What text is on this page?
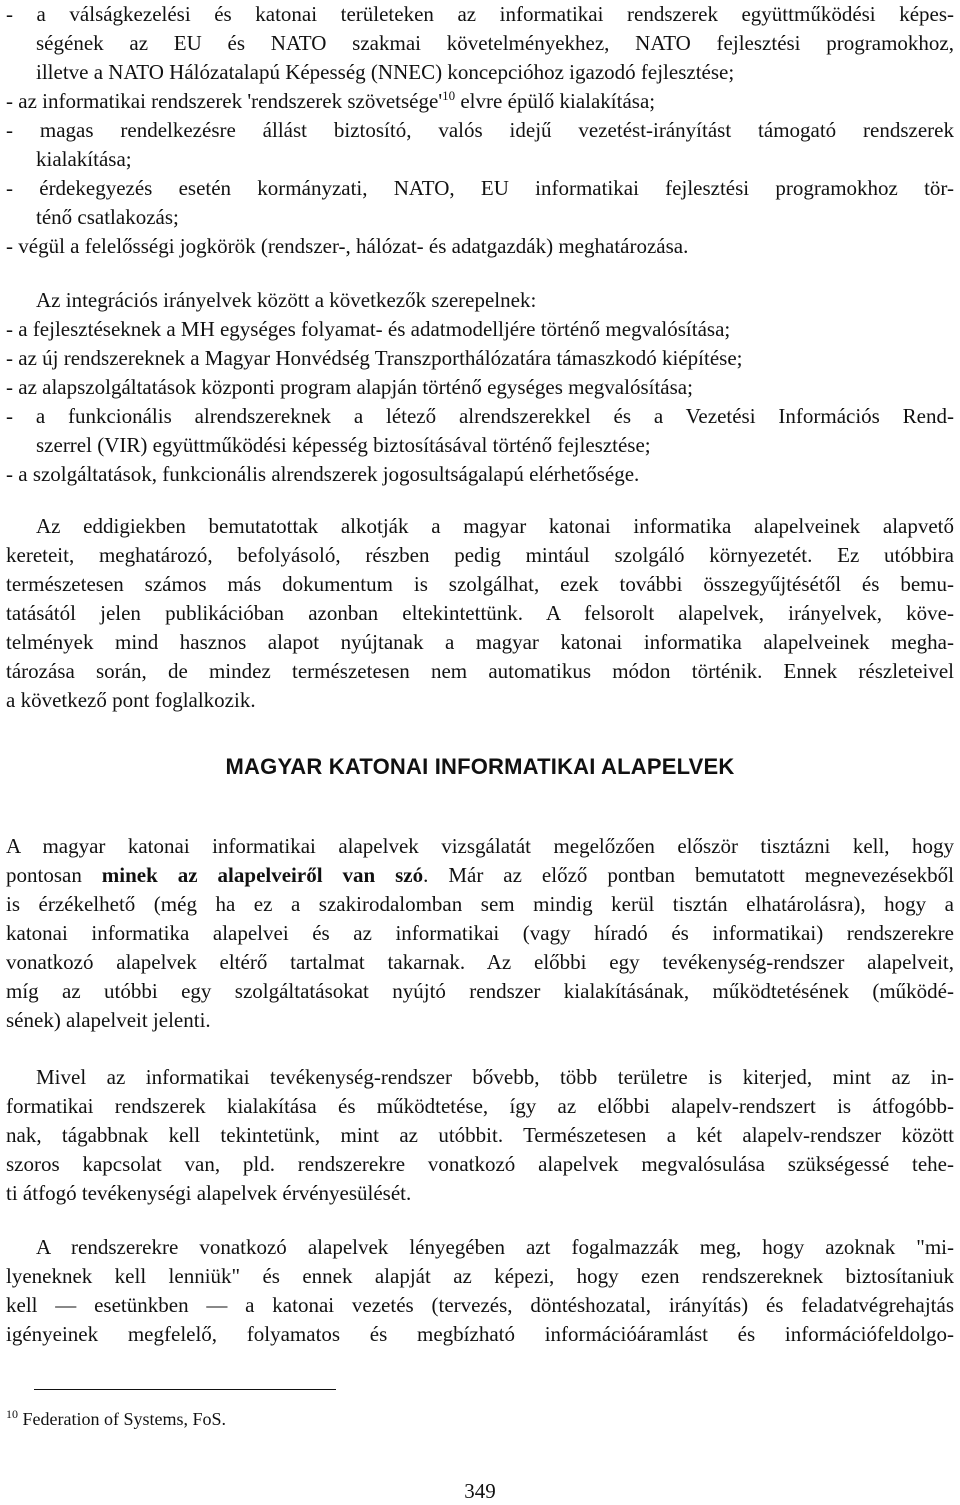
- a válságkezelési és katonai területeken az informatikai rendszerek együttműködési képes-
ségének az EU és NATO szakmai követelményekhez, NATO fejlesztési programokhoz,
illetve a NATO Hálózatalapú Képesség (NNEC) koncepcióhoz igazodó fejlesztése;
- az informatikai rendszerek 'rendszerek $szövetsége'^{10}$ elvre épülő kialakítása;
- magas rendelkezésre állást biztosító, valós idejű vezetést-irányítást támogató rendszerek
kialakítása;
- érdekegyezés esetén kormányzati, NATO, EU informatikai fejlesztési programokhoz tör-
ténő csatlakozás;
- végül a felelősségi jogkörök (rendszer-, hálózat- és adatgazdák) meghatározása.
Az integrációs irányelvek között a következők szerepelnek:
- a fejlesztéseknek a MH egységes folyamat- és adatmodelljére történő megvalósítása;
- az új rendszereknek a Magyar Honvédség Transzporthálózatára támaszkodó kiépítése;
- az alapszolgáltatások központi program alapján történő egységes megvalósítása;
- a funkcionális alrendszereknek a létező alrendszerekkel és a Vezetési Információs Rend-
szerrel (VIR) együttműködési képesség biztosításával történő fejlesztése;
- a szolgáltatások, funkcionális alrendszerek jogosultságalapú elérhetősége.
Az eddigiekben bemutatottak alkotják a magyar katonai informatika alapelveinek alapvető
kereteit, meghatározó, befolyásoló, részben pedig mintául szolgáló környezetét. Ez utóbbira
természetesen számos más dokumentum is szolgálhat, ezek további összegyűjtésétől és bemu-
tatásától jelen publikációban azonban eltekintettünk. A felsorolt alapelvek, irányelvek, köve-
telmények mind hasznos alapot nyújtanak a magyar katonai informatika alapelveinek megha-
tározása során, de mindez természetesen nem automatikus módon történik. Ennek részleteivel
a következő pont foglalkozik.
MAGYAR KATONAI INFORMATIKAI ALAPELVEK
A magyar katonai informatikai alapelvek vizsgálatát megelőzően először tisztázni kell, hogy
pontosan minek az alapelveiről van szó. Már az előző pontban bemutatott megnevezésekből
is érzékelhető (még ha ez a szakirodalomban sem mindig kerül tisztán elhatárolásra), hogy a
katonai informatika alapelvei és az informatikai (vagy híradó és informatikai) rendszerekre
vonatkozó alapelvek eltérő tartalmat takarnak. Az előbbi egy tevékenység-rendszer alapelveit,
míg az utóbbi egy szolgáltatásokat nyújtó rendszer kialakításának, működtetésének (működé-
sének) alapelveit jelenti.
Mivel az informatikai tevékenység-rendszer bővebb, több területre is kiterjed, mint az in-
formatikai rendszerek kialakítása és működtetése, így az előbbi alapelv-rendszert is átfogóbb-
nak, tágabbnak kell tekintetünk, mint az utóbbit. Természetesen a két alapelv-rendszer között
szoros kapcsolat van, pld. rendszerekre vonatkozó alapelvek megvalósulása szükségessé tehe-
ti átfogó tevékenységi alapelvek érvényesülését.
A rendszerekre vonatkozó alapelvek lényegében azt fogalmazzák meg, hogy azoknak "mi-
lyeneknek kell lenniük" és ennek alapját az képezi, hogy ezen rendszereknek biztosítaniuk
kell — esetünkben — a katonai vezetés (tervezés, döntéshozatal, irányítás) és feladatvégrehajtás
igényeinek megfelelő, folyamatos és megbízható információáramlást és információfeldolgo-
$^{10}$ Federation of Systems, FoS.
349
